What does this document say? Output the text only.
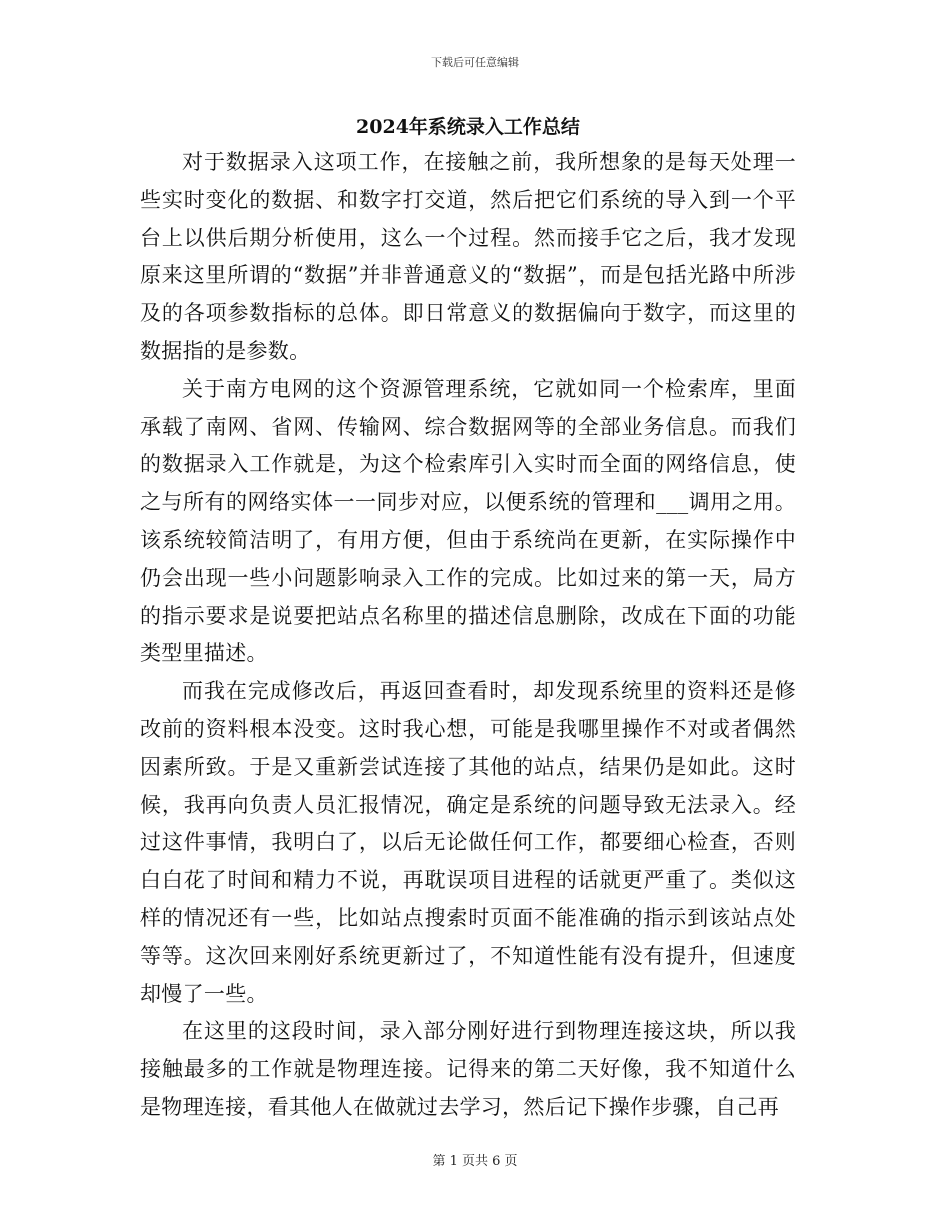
下载后可任意编辑
2024年系统录入工作总结

对于数据录入这项工作，在接触之前，我所想象的是每天处理一些实时变化的数据、和数字打交道，然后把它们系统的导入到一个平台上以供后期分析使用，这么一个过程。然而接手它之后，我才发现原来这里所谓的“数据”并非普通意义的“数据”，而是包括光路中所涉及的各项参数指标的总体。即日常意义的数据偏向于数字，而这里的数据指的是参数。

关于南方电网的这个资源管理系统，它就如同一个检索库，里面承载了南网、省网、传输网、综合数据网等的全部业务信息。而我们的数据录入工作就是，为这个检索库引入实时而全面的网络信息，使之与所有的网络实体一一同步对应，以便系统的管理和___调用之用。该系统较简洁明了，有用方便，但由于系统尚在更新，在实际操作中仍会出现一些小问题影响录入工作的完成。比如过来的第一天，局方的指示要求是说要把站点名称里的描述信息删除，改成在下面的功能类型里描述。

而我在完成修改后，再返回查看时，却发现系统里的资料还是修改前的资料根本没变。这时我心想，可能是我哪里操作不对或者偶然因素所致。于是又重新尝试连接了其他的站点，结果仍是如此。这时候，我再向负责人员汇报情况，确定是系统的问题导致无法录入。经过这件事情，我明白了，以后无论做任何工作，都要细心检查，否则白白花了时间和精力不说，再耽误项目进程的话就更严重了。类似这样的情况还有一些，比如站点搜索时页面不能准确的指示到该站点处等等。这次回来刚好系统更新过了，不知道性能有没有提升，但速度却慢了一些。

在这里的这段时间，录入部分刚好进行到物理连接这块，所以我接触最多的工作就是物理连接。记得来的第二天好像，我不知道什么是物理连接，看其他人在做就过去学习，然后记下操作步骤，自己再

第 1 页共 6 页
